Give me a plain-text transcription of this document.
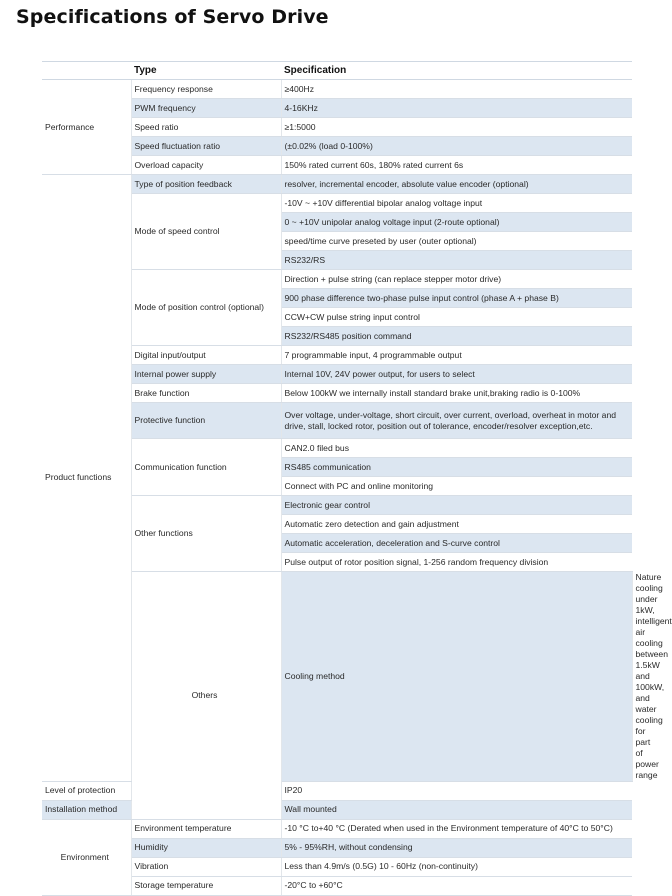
Specifications of Servo Drive
	Type	Specification	
Performance	Frequency response	≥400Hz	
	PWM frequency	4-16KHz	
	Speed ratio	≥1:5000	
	Speed fluctuation ratio	(±0.02% (load 0-100%)	
	Overload capacity	150% rated current 60s, 180% rated current 6s	
Product functions	Type of position feedback	resolver, incremental encoder, absolute value encoder (optional)	
	Mode of speed control	-10V ~ +10V differential bipolar analog voltage input	
		0 ~ +10V unipolar analog voltage input (2-route optional)	
		speed/time curve preseted by user (outer optional)	
		RS232/RS	
	Mode of position control (optional)	Direction + pulse string (can replace stepper motor drive)	
		900 phase difference two-phase pulse input control (phase A + phase B)	
		CCW+CW pulse string input control	
		RS232/RS485 position command	
	Digital input/output	7 programmable input, 4 programmable output	
	Internal power supply	Internal 10V, 24V power output, for users to select	
	Brake function	Below 100kW we internally install standard brake unit,braking radio is 0-100%	
	Protective function	Over voltage, under-voltage, short circuit, over current, overload, overheat in motor and drive, stall, locked rotor, position out of tolerance, encoder/resolver exception,etc.	
	Communication function	CAN2.0 filed bus	
		RS485 communication	
		Connect with PC and online monitoring	
	Other functions	Electronic gear control	
		Automatic zero detection and gain adjustment	
		Automatic acceleration, deceleration and S-curve control	
		Pulse output of rotor position signal, 1-256 random frequency division	
	Others	Cooling method	Nature cooling under 1kW, intelligent air cooling between 1.5kW and 100kW, and water cooling for part of power range
Level of protection		IP20	
Installation method		Wall mounted	
Environment	Environment temperature	-10 °C to+40 °C (Derated when used in the Environment temperature of 40°C to 50°C)	
	Humidity	5% - 95%RH, without condensing	
	Vibration	Less than 4.9m/s (0.5G) 10 - 60Hz (non-continuity)	
	Storage temperature	-20°C to +60°C	
